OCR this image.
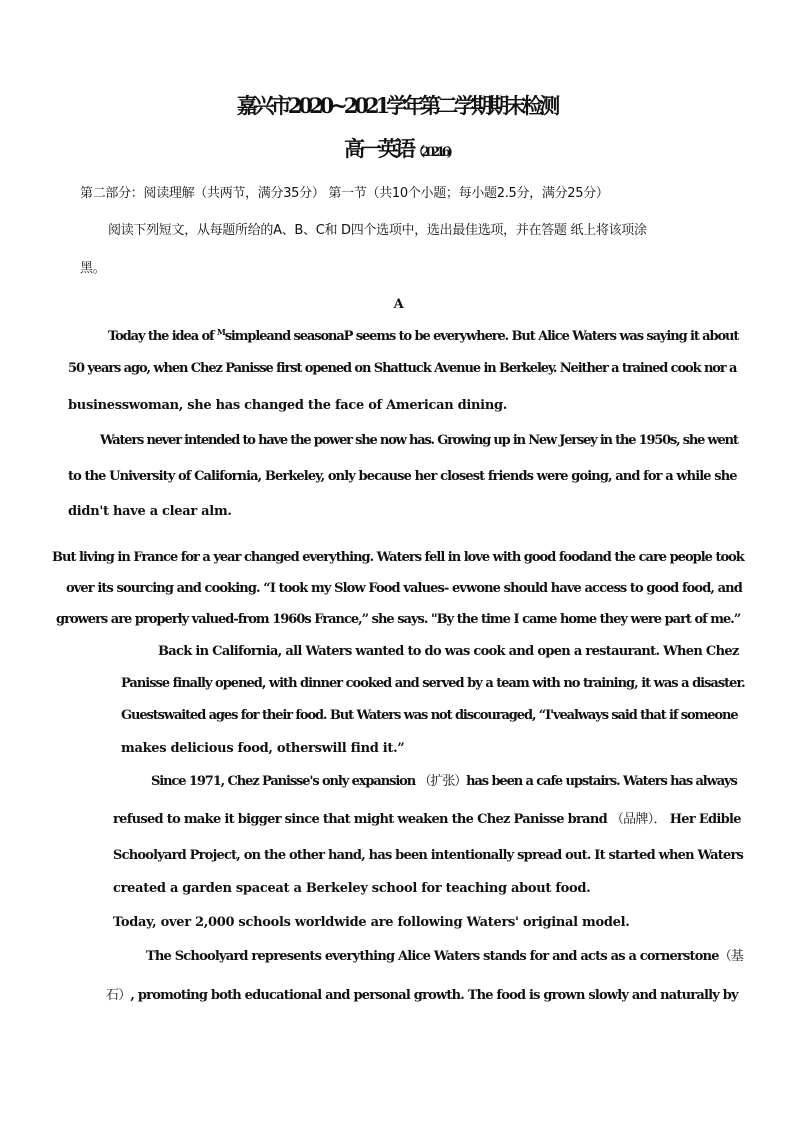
嘉兴市2020~2021学年第二学期期末检测
高一英语（2021.6)
第二部分：阅读理解（共两节，满分35分） 第一节（共10个小题；每小题2.5分，满分25分）
阅读下列短文，从每题所给的A、B、C和 D四个选项中，选出最佳选项，并在答题 纸上将该项涂
黑。
A
Today the idea of $^M$simpleand seasonaP seems to be everywhere. But Alice Waters was saying it about
50 years ago, when Chez Panisse first opened on Shattuck Avenue in Berkeley. Neither a trained cook nor a
businesswoman, she has changed the face of American dining.
Waters never intended to have the power she now has. Growing up in New Jersey in the 1950s, she went
to the University of California, Berkeley, only because her closest friends were going, and for a while she
didn't have a clear alm.
But living in France for a year changed everything. Waters fell in love with good foodand the care people took
over its sourcing and cooking. “I took my Slow Food values- evwone should have access to good food, and
growers are properly valued-from 1960s France,” she says. "By the time I came home they were part of me.”
Back in California, all Waters wanted to do was cook and open a restaurant. When Chez
Panisse finally opened, with dinner cooked and served by a team with no training, it was a disaster.
Guestswaited ages for their food. But Waters was not discouraged, “I'vealways said that if someone
makes delicious food, otherswill find it.”
Since 1971, Chez Panisse's only expansion （扩张）has been a cafe upstairs. Waters has always
refused to make it bigger since that might weaken the Chez Panisse brand （品牌）． Her Edible
Schoolyard Project, on the other hand, has been intentionally spread out. It started when Waters
created a garden spaceat a Berkeley school for teaching about food.
Today, over 2,000 schools worldwide are following Waters' original model.
The Schoolyard represents everything Alice Waters stands for and acts as a cornerstone（基
石）, promoting both educational and personal growth. The food is grown slowly and naturally by
